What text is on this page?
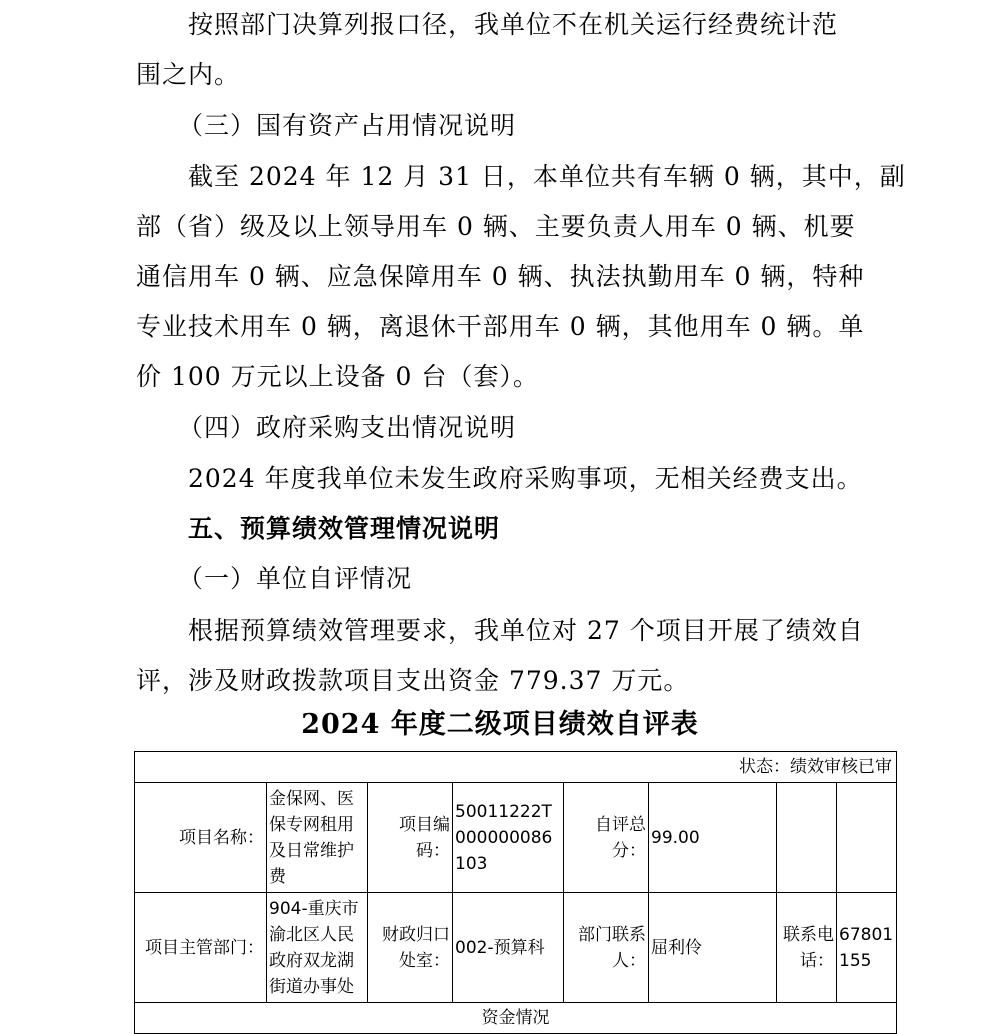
按照部门决算列报口径，我单位不在机关运行经费统计范

围之内。

（三）国有资产占用情况说明

截至 2024 年 12 月 31 日，本单位共有车辆 0 辆，其中，副

部（省）级及以上领导用车 0 辆、主要负责人用车 0 辆、机要

通信用车 0 辆、应急保障用车 0 辆、执法执勤用车 0 辆，特种

专业技术用车 0 辆，离退休干部用车 0 辆，其他用车 0 辆。单

价 100 万元以上设备 0 台（套）。

（四）政府采购支出情况说明

2024 年度我单位未发生政府采购事项，无相关经费支出。

五、预算绩效管理情况说明

（一）单位自评情况

根据预算绩效管理要求，我单位对 27 个项目开展了绩效自

评，涉及财政拨款项目支出资金 779.37 万元。

2024 年度二级项目绩效自评表

状态：绩效审核已审							
项目名称：	金保网、医保专网租用及日常维护费	项目编码：	50011222T000000086103	自评总分：	99.00		
项目主管部门：	904-重庆市渝北区人民政府双龙湖街道办事处	财政归口处室：	002-预算科	部门联系人：	屈利伶	联系电话：	67801155
资金情况							
